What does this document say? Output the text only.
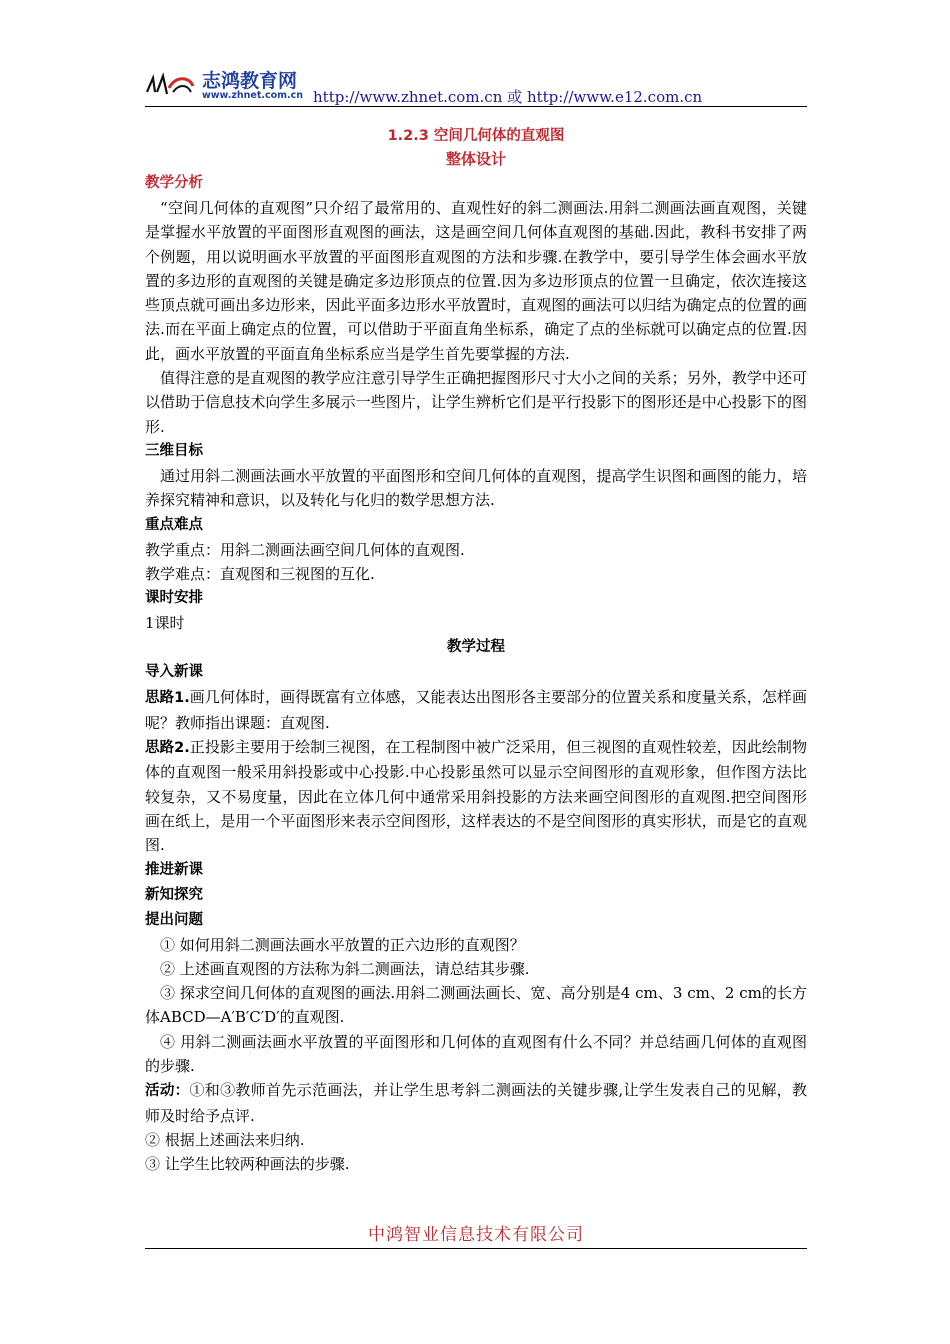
志鸿教育网
www.zhnet.com.cn http://www.zhnet.com.cn 或 http://www.e12.com.cn
1.2.3 空间几何体的直观图
整体设计
教学分析

“空间几何体的直观图”只介绍了最常用的、直观性好的斜二测画法.用斜二测画法画直观图，关键是掌握水平放置的平面图形直观图的画法，这是画空间几何体直观图的基础.因此，教科书安排了两个例题，用以说明画水平放置的平面图形直观图的方法和步骤.在教学中，要引导学生体会画水平放置的多边形的直观图的关键是确定多边形顶点的位置.因为多边形顶点的位置一旦确定，依次连接这些顶点就可画出多边形来，因此平面多边形水平放置时，直观图的画法可以归结为确定点的位置的画法.而在平面上确定点的位置，可以借助于平面直角坐标系，确定了点的坐标就可以确定点的位置.因此，画水平放置的平面直角坐标系应当是学生首先要掌握的方法.

值得注意的是直观图的教学应注意引导学生正确把握图形尺寸大小之间的关系；另外，教学中还可以借助于信息技术向学生多展示一些图片，让学生辨析它们是平行投影下的图形还是中心投影下的图形.

三维目标

通过用斜二测画法画水平放置的平面图形和空间几何体的直观图，提高学生识图和画图的能力，培养探究精神和意识，以及转化与化归的数学思想方法.

重点难点

教学重点：用斜二测画法画空间几何体的直观图.

教学难点：直观图和三视图的互化.

课时安排

1课时

教学过程
导入新课

思路1.画几何体时，画得既富有立体感，又能表达出图形各主要部分的位置关系和度量关系，怎样画呢？教师指出课题：直观图.

思路2.正投影主要用于绘制三视图，在工程制图中被广泛采用，但三视图的直观性较差，因此绘制物体的直观图一般采用斜投影或中心投影.中心投影虽然可以显示空间图形的直观形象，但作图方法比较复杂，又不易度量，因此在立体几何中通常采用斜投影的方法来画空间图形的直观图.把空间图形画在纸上，是用一个平面图形来表示空间图形，这样表达的不是空间图形的真实形状，而是它的直观图.

推进新课
新知探究
提出问题

① 如何用斜二测画法画水平放置的正六边形的直观图？

② 上述画直观图的方法称为斜二测画法，请总结其步骤.

③ 探求空间几何体的直观图的画法.用斜二测画法画长、宽、高分别是4 cm、3 cm、2 cm的长方体ABCD—A′B′C′D′的直观图.

④ 用斜二测画法画水平放置的平面图形和几何体的直观图有什么不同？并总结画几何体的直观图的步骤.

活动：①和③教师首先示范画法，并让学生思考斜二测画法的关键步骤,让学生发表自己的见解，教师及时给予点评.

② 根据上述画法来归纳.

③ 让学生比较两种画法的步骤.

中鸿智业信息技术有限公司
